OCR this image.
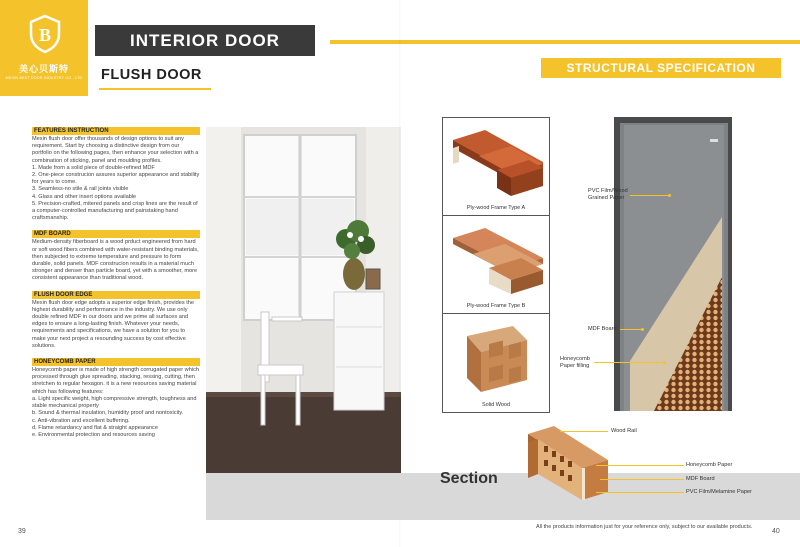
B
美心贝斯特
MEXIN BEST DOOR INDUSTRY CO., LTD
INTERIOR DOOR
FLUSH DOOR	STRUCTURAL SPECIFICATION
FEATURES INSTRUCTION
Mexin flush door offer thousands of design options to suit any requirement. Start by choosing a distinctive design from our portfolio on the following pages, then enhance your selection with a combination of sticking, panel and moulding profiles.
1. Made from a solid piece of double-refined MDF
2. One-piece construcion assures superior appearance and stability for years to come.
3. Seamless-no stile & rail joints visible
4. Glass and other insert options available
5. Precision-crafted, mitered panels and crisp lines are the result of a computer-controlled manufacturing and painstaking hand craftsmanship.
MDF BOARD
Medium-density fiberboard is a wood prduct engineered from hard or soft wood fibers combined with water-resistant binding materials, then subjected to extreme temperature and pressure to form durable, solid panels. MDF construcion results in a material much stronger and denser than particle board, yet with a smoother, more consistent appearance than traditional wood.
FLUSH DOOR EDGE
Mexin flush door edge adopts a superior edge finish, provides the highest durability and performance in the industry. We use only double refined MDF in our doors and we prime all surfaces and edges to ensure a long-lasting finish. Whatever your needs, requirements and specifications, we have a solution for you to make your next project a resounding success by cost effective solutions.
HONEYCOMB PAPER
Honeycomb paper is made of high strength corrugated paper which processed through glue spreading, stacking, ressing, cutting, then stretchen to regular hexagon. it is a new resources saving material which has following features:
a. Light specific weight, high compressive strength, toughness and stable mechanical property
b. Sound & thermal insulation, humidity proof and nontoxicity.
c. Anti-vibration and excellent buffering.
d. Flame retardancy and flat & straight appearance
e. Environmental protection and resources saving
Ply-wood Frame Type A
Ply-wood Frame Type B
Solid Wood
PVC Film/Wood
Grained Paper
MDF Board
Honeycomb
Paper filling
Section
Wood Rail
Honeycomb Paper
MDF Board
PVC Film/Melamine Paper
39	40
All the products information just for your reference only, subject to our available products.
